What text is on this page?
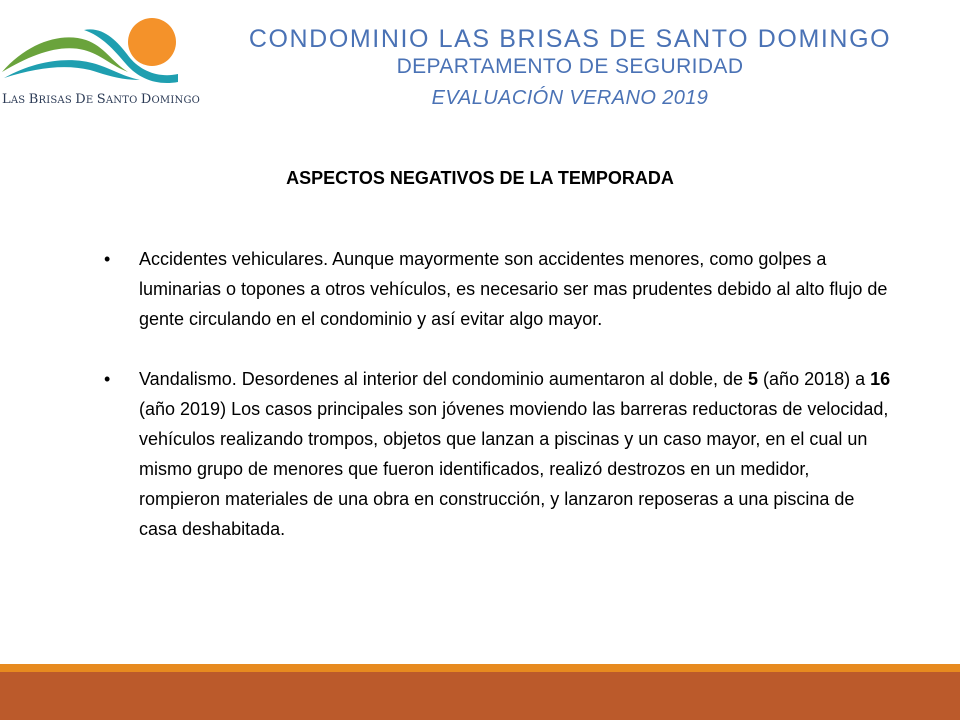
LAS BRISAS DE SANTO DOMINGO
CONDOMINIO LAS BRISAS DE SANTO DOMINGO
DEPARTAMENTO DE SEGURIDAD
EVALUACIÓN VERANO 2019
ASPECTOS NEGATIVOS DE LA TEMPORADA
• Accidentes vehiculares. Aunque mayormente son accidentes menores, como golpes a luminarias o topones a otros vehículos, es necesario ser mas prudentes debido al alto flujo de gente circulando en el condominio y así evitar algo mayor.
• Vandalismo. Desordenes al interior del condominio aumentaron al doble, de 5 (año 2018) a 16 (año 2019) Los casos principales son jóvenes moviendo las barreras reductoras de velocidad, vehículos realizando trompos, objetos que lanzan a piscinas y un caso mayor, en el cual un mismo grupo de menores que fueron identificados, realizó destrozos en un medidor, rompieron materiales de una obra en construcción, y lanzaron reposeras a una piscina de casa deshabitada.
